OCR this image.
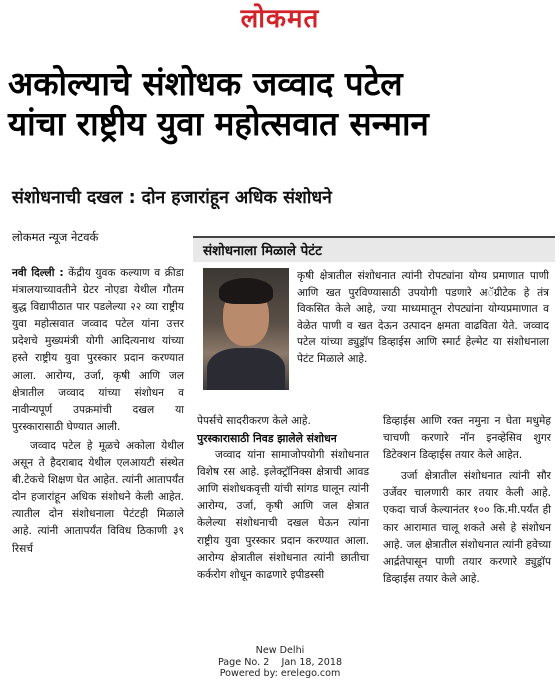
लोकमत
अकोल्याचे संशोधक जव्वाद पटेल
यांचा राष्ट्रीय युवा महोत्सवात सन्मान
संशोधनाची दखल : दोन हजारांहून अधिक संशोधने
लोकमत न्यूज नेटवर्क

नवी दिल्ली : केंद्रीय युवक कल्याण व क्रीडा मंत्रालयाच्यावतीने ग्रेटर नोएडा येथील गौतम बुद्ध विद्यापीठात पार पडलेल्या २२ व्या राष्ट्रीय युवा महोत्सवात जव्वाद पटेल यांना उत्तर प्रदेशचे मुख्यमंत्री योगी आदित्यनाथ यांच्या हस्ते राष्ट्रीय युवा पुरस्कार प्रदान करण्यात आला. आरोग्य, उर्जा, कृषी आणि जल क्षेत्रातील जव्वाद यांच्या संशोधन व नावीन्यपूर्ण उपक्रमांची दखल या पुरस्कारासाठी घेण्यात आली.

जव्वाद पटेल हे मूळचे अकोला येथील असून ते हैदराबाद येथील एलआयटी संस्थेत बी.टेकचे शिक्षण घेत आहेत. त्यांनी आतापर्यंत दोन हजारांहून अधिक संशोधने केली आहेत. त्यातील दोन संशोधनाला पेटंटही मिळाले आहे. त्यांनी आतापर्यंत विविध ठिकाणी ३९ रिसर्च

संशोधनाला मिळाले पेटंट

कृषी क्षेत्रातील संशोधनात त्यांनी रोपट्यांना योग्य प्रमाणात पाणी आणि खत पुरविण्यासाठी उपयोगी पडणारे अॅग्रीटेक हे तंत्र विकसित केले आहे, ज्या माध्यमातून रोपट्यांना योग्यप्रमाणात व वेळेत पाणी व खत देऊन उत्पादन क्षमता वाढविता येते. जव्वाद पटेल यांच्या ड्युड्रॉप डिव्हाईस आणि स्मार्ट हेल्मेट या संशोधनाला पेटंट मिळाले आहे.

पेपर्सचे सादरीकरण केले आहे.

पुरस्कारासाठी निवड झालेले संशोधन

जव्वाद यांना सामाजोपयोगी संशोधनात विशेष रस आहे. इलेक्ट्रॉनिक्स क्षेत्राची आवड आणि संशोधकवृत्ती यांची सांगड घालून त्यांनी आरोग्य, उर्जा, कृषी आणि जल क्षेत्रात केलेल्या संशोधनाची दखल घेऊन त्यांना राष्ट्रीय युवा पुरस्कार प्रदान करण्यात आला. आरोग्य क्षेत्रातील संशोधनात त्यांनी छातीचा कर्करोग शोधून काढणारे इपीडस्सी

डिव्हाईस आणि रक्त नमुना न घेता मधुमेह चाचणी करणारे नॉन इनव्हेसिव शुगर डिटेक्शन डिव्हाईस तयार केले आहेत.

उर्जा क्षेत्रातील संशोधनात त्यांनी सौर उर्जेवर चालणारी कार तयार केली आहे. एकदा चार्ज केल्यानंतर १०० कि.मी.पर्यंत ही कार आरामात चालू शकते असे हे संशोधन आहे. जल क्षेत्रातील संशोधनात त्यांनी हवेच्या आर्द्रतेपासून पाणी तयार करणारे ड्युड्रॉप डिव्हाईस तयार केले आहे.

New Delhi
Page No. 2    Jan 18, 2018
Powered by: erelego.com
